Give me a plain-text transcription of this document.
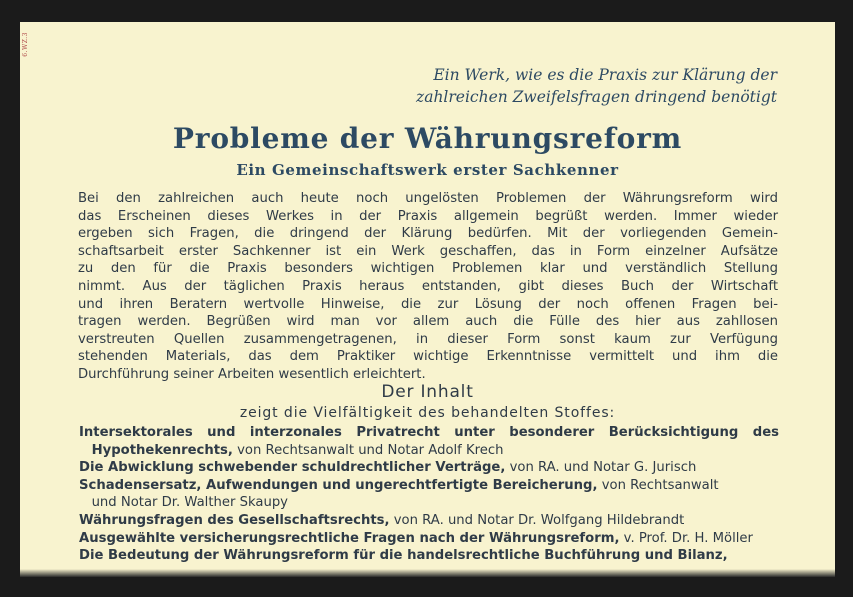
6.WZ.3
Ein Werk, wie es die Praxis zur Klärung der
zahlreichen Zweifelsfragen dringend benötigt
Probleme der Währungsreform
Ein Gemeinschaftswerk erster Sachkenner
Bei den zahlreichen auch heute noch ungelösten Problemen der Währungsreform wird
das Erscheinen dieses Werkes in der Praxis allgemein begrüßt werden. Immer wieder
ergeben sich Fragen, die dringend der Klärung bedürfen. Mit der vorliegenden Gemein-
schaftsarbeit erster Sachkenner ist ein Werk geschaffen, das in Form einzelner Aufsätze
zu den für die Praxis besonders wichtigen Problemen klar und verständlich Stellung
nimmt. Aus der täglichen Praxis heraus entstanden, gibt dieses Buch der Wirtschaft
und ihren Beratern wertvolle Hinweise, die zur Lösung der noch offenen Fragen bei-
tragen werden. Begrüßen wird man vor allem auch die Fülle des hier aus zahllosen
verstreuten Quellen zusammengetragenen, in dieser Form sonst kaum zur Verfügung
stehenden Materials, das dem Praktiker wichtige Erkenntnisse vermittelt und ihm die
Durchführung seiner Arbeiten wesentlich erleichtert.
Der Inhalt
zeigt die Vielfältigkeit des behandelten Stoffes:
Intersektorales und interzonales Privatrecht unter besonderer Berücksichtigung des
Hypothekenrechts, von Rechtsanwalt und Notar Adolf Krech
Die Abwicklung schwebender schuldrechtlicher Verträge, von RA. und Notar G. Jurisch
Schadensersatz, Aufwendungen und ungerechtfertigte Bereicherung, von Rechtsanwalt
und Notar Dr. Walther Skaupy
Währungsfragen des Gesellschaftsrechts, von RA. und Notar Dr. Wolfgang Hildebrandt
Ausgewählte versicherungsrechtliche Fragen nach der Währungsreform, v. Prof. Dr. H. Möller
Die Bedeutung der Währungsreform für die handelsrechtliche Buchführung und Bilanz,
